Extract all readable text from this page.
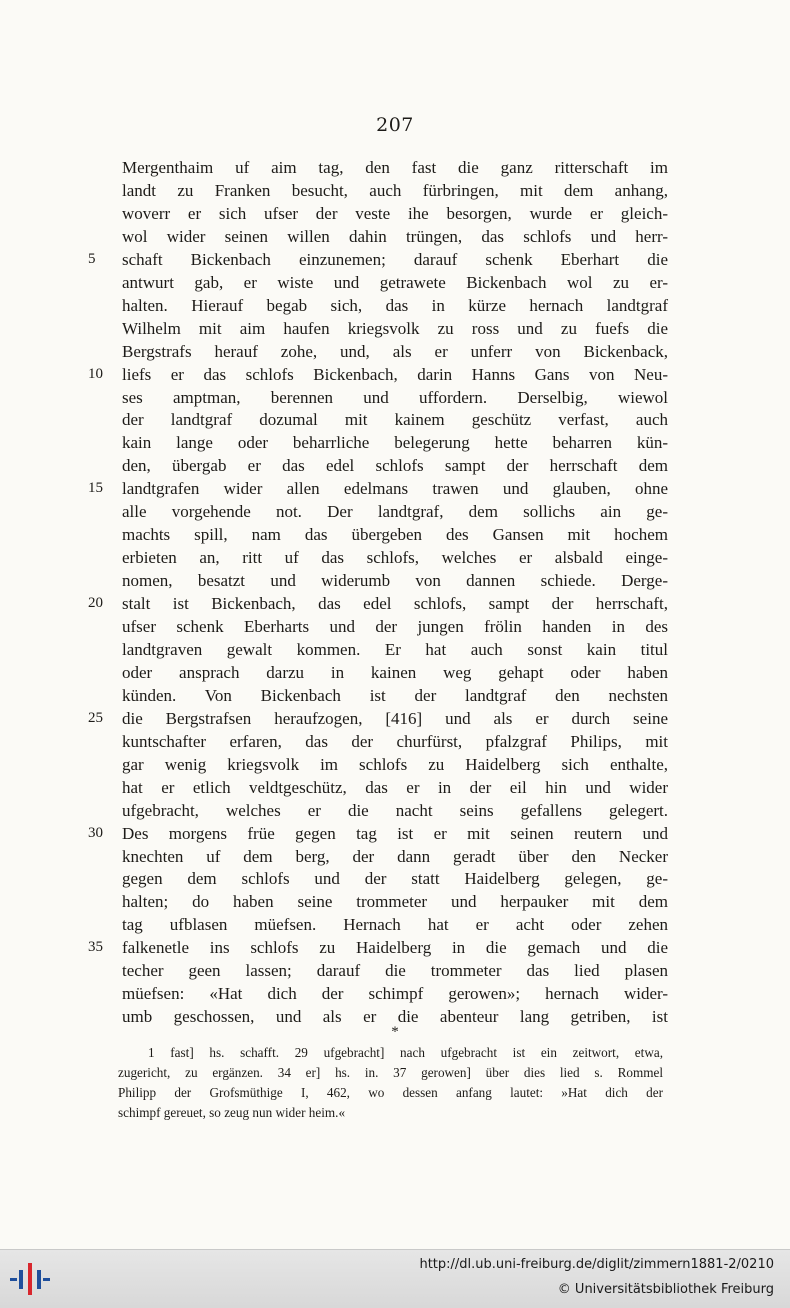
207
Mergenthaim uf aim tag, den fast die ganz ritterschaft im
landt zu Franken besucht, auch fürbringen, mit dem anhang,
woverr er sich ufser der veste ihe besorgen, wurde er gleich-
wol wider seinen willen dahin trüngen, das schlofs und herr-
5	schaft Bickenbach einzunemen; darauf schenk Eberhart die
antwurt gab, er wiste und getrawete Bickenbach wol zu er-
halten. Hierauf begab sich, das in kürze hernach landtgraf
Wilhelm mit aim haufen kriegsvolk zu ross und zu fuefs die
Bergstrafs herauf zohe, und, als er unferr von Bickenback,
10	liefs er das schlofs Bickenbach, darin Hanns Gans von Neu-
ses amptman, berennen und uffordern. Derselbig, wiewol
der landtgraf dozumal mit kainem geschütz verfast, auch
kain lange oder beharrliche belegerung hette beharren kün-
den, übergab er das edel schlofs sampt der herrschaft dem
15	landtgrafen wider allen edelmans trawen und glauben, ohne
alle vorgehende not. Der landtgraf, dem sollichs ain ge-
machts spill, nam das übergeben des Gansen mit hochem
erbieten an, ritt uf das schlofs, welches er alsbald einge-
nomen, besatzt und widerumb von dannen schiede. Derge-
20	stalt ist Bickenbach, das edel schlofs, sampt der herrschaft,
ufser schenk Eberharts und der jungen frölin handen in des
landtgraven gewalt kommen. Er hat auch sonst kain titul
oder ansprach darzu in kainen weg gehapt oder haben
künden. Von Bickenbach ist der landtgraf den nechsten
25	die Bergstrafsen heraufzogen, [416] und als er durch seine
kuntschafter erfaren, das der churfürst, pfalzgraf Philips, mit
gar wenig kriegsvolk im schlofs zu Haidelberg sich enthalte,
hat er etlich veldtgeschütz, das er in der eil hin und wider
ufgebracht, welches er die nacht seins gefallens gelegert.
30	Des morgens früe gegen tag ist er mit seinen reutern und
knechten uf dem berg, der dann geradt über den Necker
gegen dem schlofs und der statt Haidelberg gelegen, ge-
halten; do haben seine trommeter und herpauker mit dem
tag ufblasen müefsen. Hernach hat er acht oder zehen
35	falkenetle ins schlofs zu Haidelberg in die gemach und die
techer geen lassen; darauf die trommeter das lied plasen
müefsen: «Hat dich der schimpf gerowen»; hernach wider-
umb geschossen, und als er die abenteur lang getriben, ist
*
1 fast] hs. schafft. 29 ufgebracht] nach ufgebracht ist ein zeitwort, etwa,
zugericht, zu ergänzen. 34 er] hs. in. 37 gerowen] über dies lied s. Rommel
Philipp der Grofsmüthige I, 462, wo dessen anfang lautet: »Hat dich der
schimpf gereuet, so zeug nun wider heim.«
http://dl.ub.uni-freiburg.de/diglit/zimmern1881-2/0210
© Universitätsbibliothek Freiburg
